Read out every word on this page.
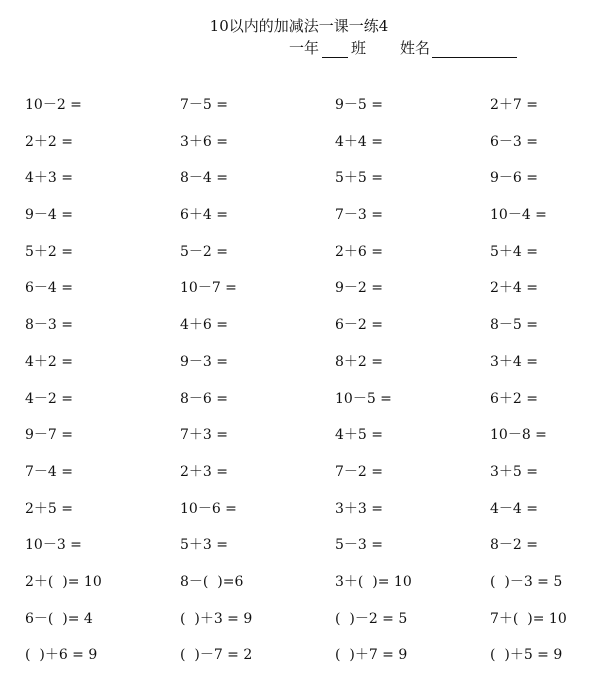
10以内的加减法一课一练4
一年 班 姓名
10－2 =	7－5 =	9－5 =	2＋7 =
2＋2 =	3＋6 =	4＋4 =	6－3 =
4＋3 =	8－4 =	5＋5 =	9－6 =
9－4 =	6＋4 =	7－3 =	10－4 =
5＋2 =	5－2 =	2＋6 =	5＋4 =
6－4 =	10－7 =	9－2 =	2＋4 =
8－3 =	4＋6 =	6－2 =	8－5 =
4＋2 =	9－3 =	8＋2 =	3＋4 =
4－2 =	8－6 =	10－5 =	6＋2 =
9－7 =	7＋3 =	4＋5 =	10－8 =
7－4 =	2＋3 =	7－2 =	3＋5 =
2＋5 =	10－6 =	3＋3 =	4－4 =
10－3 =	5＋3 =	5－3 =	8－2 =
2＋(  )= 10	8－(  )=6	3＋(  )= 10	(  )－3 = 5
6－(  )= 4	(  )＋3 = 9	(  )－2 = 5	7＋(  )= 10
(  )＋6 = 9	(  )－7 = 2	(  )＋7 = 9	(  )＋5 = 9
